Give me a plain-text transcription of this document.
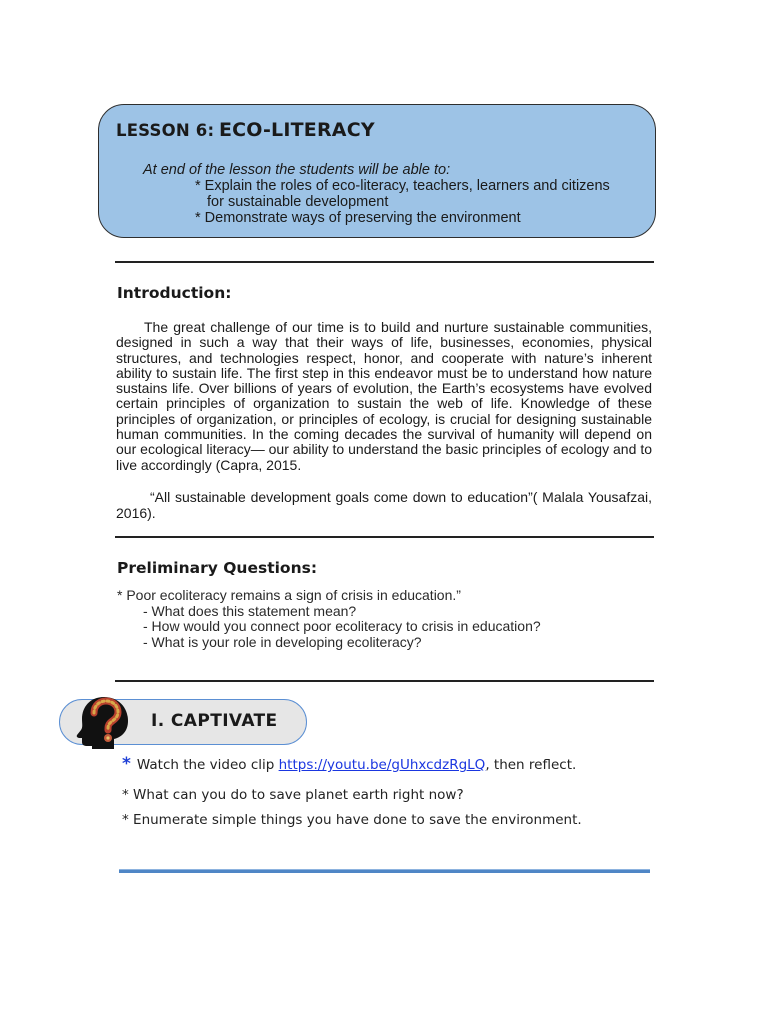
LESSON 6: ECO-LITERACY
At end of the lesson the students will be able to:
* Explain the roles of eco-literacy, teachers, learners and citizens
for sustainable development
* Demonstrate ways of preserving the environment
Introduction:
The great challenge of our time is to build and nurture sustainable communities, designed in such a way that their ways of life, businesses, economies, physical structures, and technologies respect, honor, and cooperate with nature’s inherent ability to sustain life. The first step in this endeavor must be to understand how nature sustains life. Over billions of years of evolution, the Earth’s ecosystems have evolved certain principles of organization to sustain the web of life. Knowledge of these principles of organization, or principles of ecology, is crucial for designing sustainable human communities. In the coming decades the survival of humanity will depend on our ecological literacy— our ability to understand the basic principles of ecology and to live accordingly (Capra, 2015.
“All sustainable development goals come down to education”( Malala Yousafzai, 2016).
Preliminary Questions:
* Poor ecoliteracy remains a sign of crisis in education.”
- What does this statement mean?
- How would you connect poor ecoliteracy to crisis in education?
- What is your role in developing ecoliteracy?
I. CAPTIVATE
* Watch the video clip https://youtu.be/gUhxcdzRgLQ, then reflect.
* What can you do to save planet earth right now?
* Enumerate simple things you have done to save the environment.
